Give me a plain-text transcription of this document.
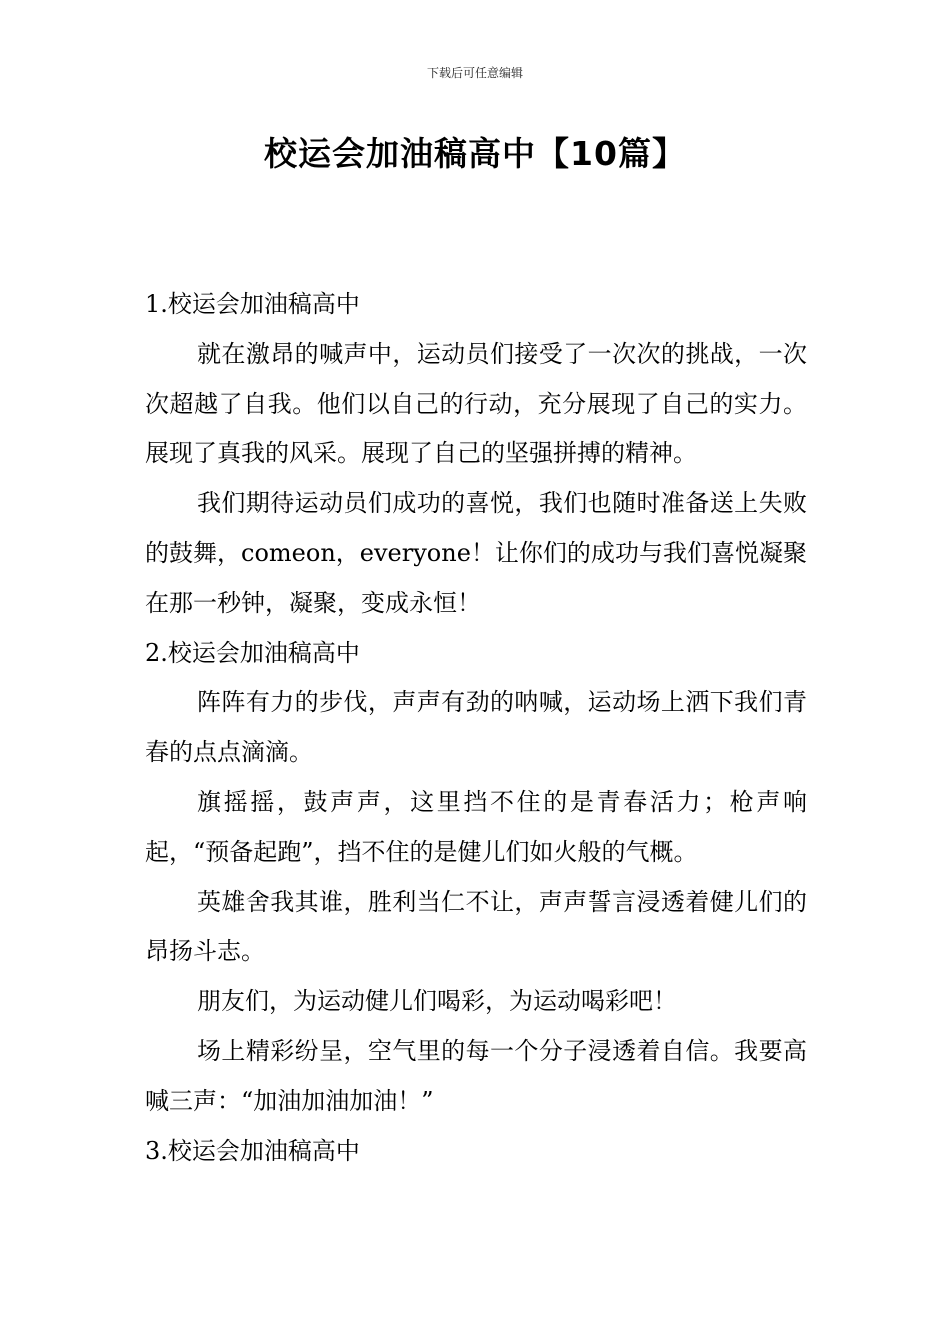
下载后可任意编辑
校运会加油稿高中【10篇】
1.校运会加油稿高中

就在激昂的喊声中，运动员们接受了一次次的挑战，一次次超越了自我。他们以自己的行动，充分展现了自己的实力。展现了真我的风采。展现了自己的坚强拼搏的精神。

我们期待运动员们成功的喜悦，我们也随时准备送上失败的鼓舞，comeon，everyone！让你们的成功与我们喜悦凝聚在那一秒钟，凝聚，变成永恒！

2.校运会加油稿高中

阵阵有力的步伐，声声有劲的呐喊，运动场上洒下我们青春的点点滴滴。

旗摇摇，鼓声声，这里挡不住的是青春活力；枪声响起，“预备起跑”，挡不住的是健儿们如火般的气概。

英雄舍我其谁，胜利当仁不让，声声誓言浸透着健儿们的昂扬斗志。

朋友们，为运动健儿们喝彩，为运动喝彩吧！

场上精彩纷呈，空气里的每一个分子浸透着自信。我要高喊三声：“加油加油加油！”

3.校运会加油稿高中
